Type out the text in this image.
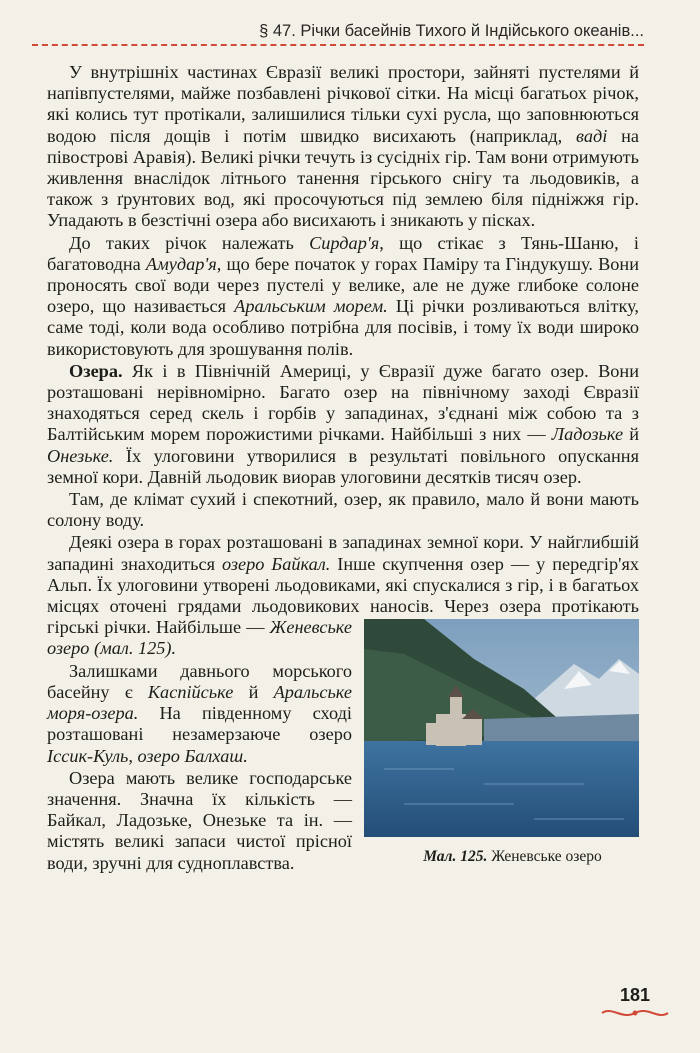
§ 47. Річки басейнів Тихого й Індійського океанів...

У внутрішніх частинах Євразії великі простори, зайняті пустелями й напівпустелями, майже позбавлені річкової сітки. На місці багатьох річок, які колись тут протікали, залишилися тільки сухі русла, що заповнюються водою після дощів і потім швидко висихають (наприклад, ваді на півострові Аравія). Великі річки течуть із сусідніх гір. Там вони отримують живлення внаслідок літнього танення гірського снігу та льодовиків, а також з ґрунтових вод, які просочуються під землею біля підніжжя гір. Упадають в безстічні озера або висихають і зникають у пісках.

До таких річок належать Сирдар'я, що стікає з Тянь-Шаню, і багатоводна Амудар'я, що бере початок у горах Паміру та Гіндукушу. Вони проносять свої води через пустелі у велике, але не дуже глибоке солоне озеро, що називається Аральським морем. Ці річки розливаються влітку, саме тоді, коли вода особливо потрібна для посівів, і тому їх води широко використовують для зрошування полів.

Озера. Як і в Північній Америці, у Євразії дуже багато озер. Вони розташовані нерівномірно. Багато озер на північному заході Євразії знаходяться серед скель і горбів у западинах, з'єднані між собою та з Балтійським морем порожистими річками. Найбільші з них — Ладозьке й Онезьке. Їх улоговини утворилися в результаті повільного опускання земної кори. Давній льодовик виорав улоговини десятків тисяч озер.

Там, де клімат сухий і спекотний, озер, як правило, мало й вони мають солону воду.

Деякі озера в горах розташовані в западинах земної кори. У найглибшій западині знаходиться озеро Байкал. Інше скупчення озер — у передгір'ях Альп. Їх улоговини утворені льодовиками, які спускалися з гір, і в багатьох місцях оточені грядами льодовикових наносів. Через озера протікають гірські річки. Найбільше —
Мал. 125. Женевське озеро
Женевське озеро (мал. 125).

Залишками давнього морського басейну є Каспійське й Аральське моря-озера. На південному сході розташовані незамерзаюче озеро Іссик-Куль, озеро Балхаш.

Озера мають велике господарське значення. Значна їх кількість — Байкал, Ладозьке, Онезьке та ін. — містять великі запаси чистої прісної води, зручні для судноплавства.

181
